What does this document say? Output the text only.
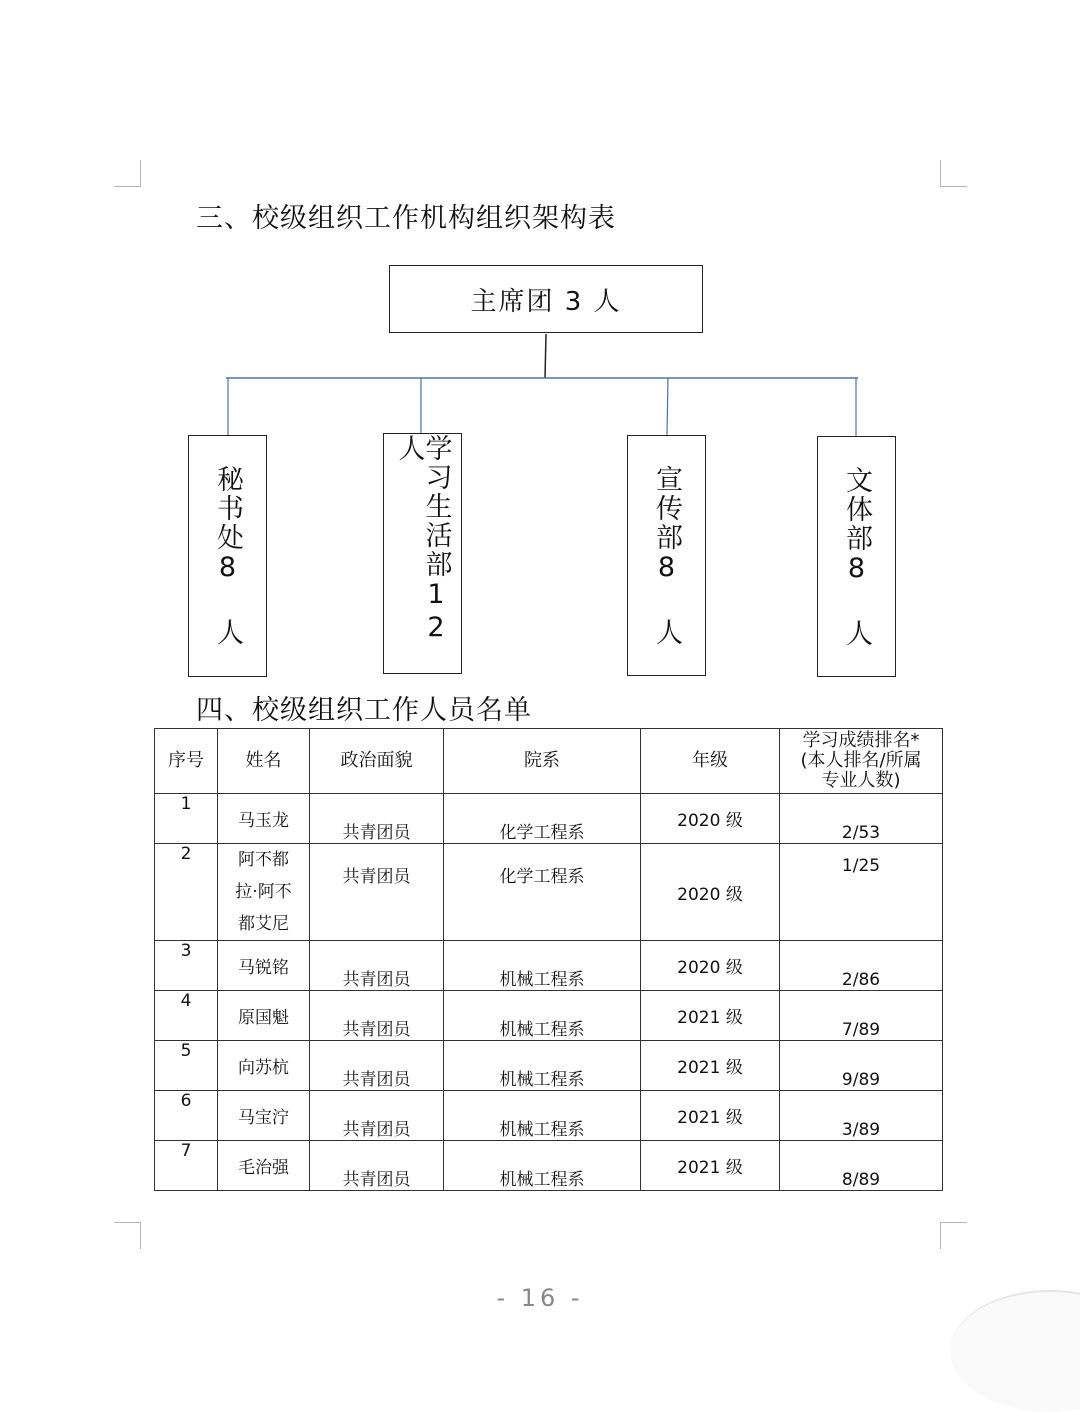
三、校级组织工作机构组织架构表
主席团 3 人
秘书处8 人	学习生活部12 人
宣传部8 人	文体部8 人
四、校级组织工作人员名单
序号	姓名	政治面貌	院系	年级	学习成绩排名*
(本人排名/所属
专业人数)
1	马玉龙	共青团员	化学工程系	2020 级	2/53
2	阿不都拉·阿不都艾尼	共青团员	化学工程系	2020 级	1/25
3	马锐铭	共青团员	机械工程系	2020 级	2/86
4	原国魁	共青团员	机械工程系	2021 级	7/89
5	向苏杭	共青团员	机械工程系	2021 级	9/89
6	马宝泞	共青团员	机械工程系	2021 级	3/89
7	毛治强	共青团员	机械工程系	2021 级	8/89
- 16 -
